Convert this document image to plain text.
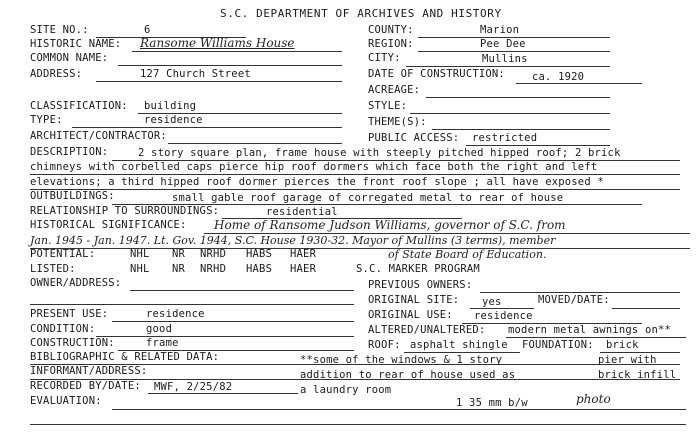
S.C. DEPARTMENT OF ARCHIVES AND HISTORY
SITE NO.:	6	COUNTY:	Marion
HISTORIC NAME: Ransome Williams House	REGION:	Pee Dee
COMMON NAME:	CITY:	Mullins
ADDRESS:	127 Church Street	DATE OF CONSTRUCTION:	ca. 1920
ACREAGE:
CLASSIFICATION: building	STYLE:
TYPE:	residence	THEME(S):
ARCHITECT/CONTRACTOR:	PUBLIC ACCESS: restricted
DESCRIPTION:	2 story square plan, frame house with steeply pitched hipped roof; 2 brick
chimneys with corbelled caps pierce hip roof dormers which face both the right and left
elevations; a third hipped roof dormer pierces the front roof slope ; all have exposed *
OUTBUILDINGS:	small gable roof garage of corregated metal to rear of house
RELATIONSHIP TO SURROUNDINGS:	residential
HISTORICAL SIGNIFICANCE: Home of Ransome Judson Williams, governor of S.C. from
Jan. 1945 - Jan. 1947. Lt. Gov. 1944, S.C. House 1930-32. Mayor of Mullins (3 terms), member
of State Board of Education.
POTENTIAL:	NHL NR NRHD HABS HAER
LISTED:	NHL NR NRHD HABS HAER	S.C. MARKER PROGRAM
OWNER/ADDRESS:	PREVIOUS OWNERS:
ORIGINAL SITE: yes	MOVED/DATE:
PRESENT USE:	residence	ORIGINAL USE: residence
CONDITION:	good	ALTERED/UNALTERED: modern metal awnings on**
CONSTRUCTION:	frame	ROOF: asphalt shingle FOUNDATION: brick
BIBLIOGRAPHIC & RELATED DATA:	**some of the windows & 1 story	pier with
INFORMANT/ADDRESS:	addition to rear of house used as	brick infill
RECORDED BY/DATE: MWF, 2/25/82	a laundry room
EVALUATION:	1 35 mm b/w	photo
